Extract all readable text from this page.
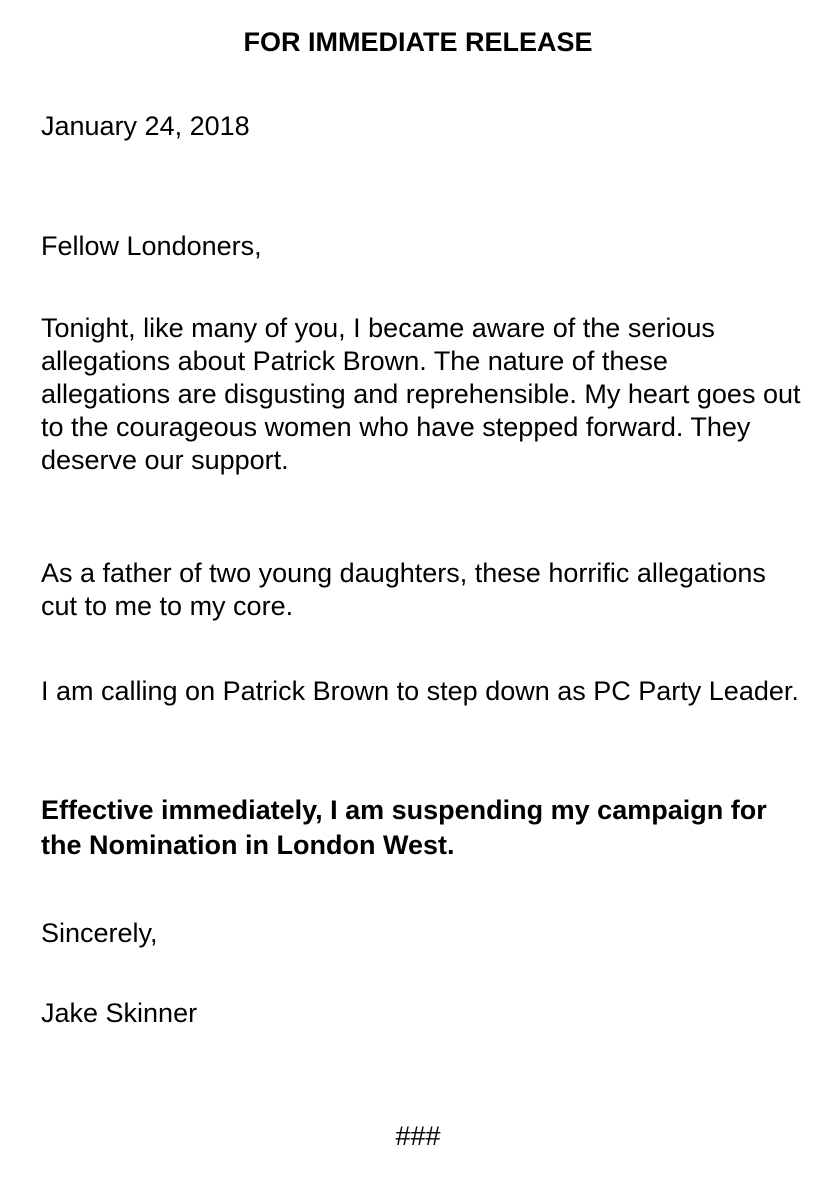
FOR IMMEDIATE RELEASE

January 24, 2018

Fellow Londoners,

Tonight, like many of you, I became aware of the serious allegations about Patrick Brown. The nature of these allegations are disgusting and reprehensible. My heart goes out to the courageous women who have stepped forward. They deserve our support.

As a father of two young daughters, these horrific allegations cut to me to my core.

I am calling on Patrick Brown to step down as PC Party Leader.

Effective immediately, I am suspending my campaign for the Nomination in London West.

Sincerely,

Jake Skinner

###
